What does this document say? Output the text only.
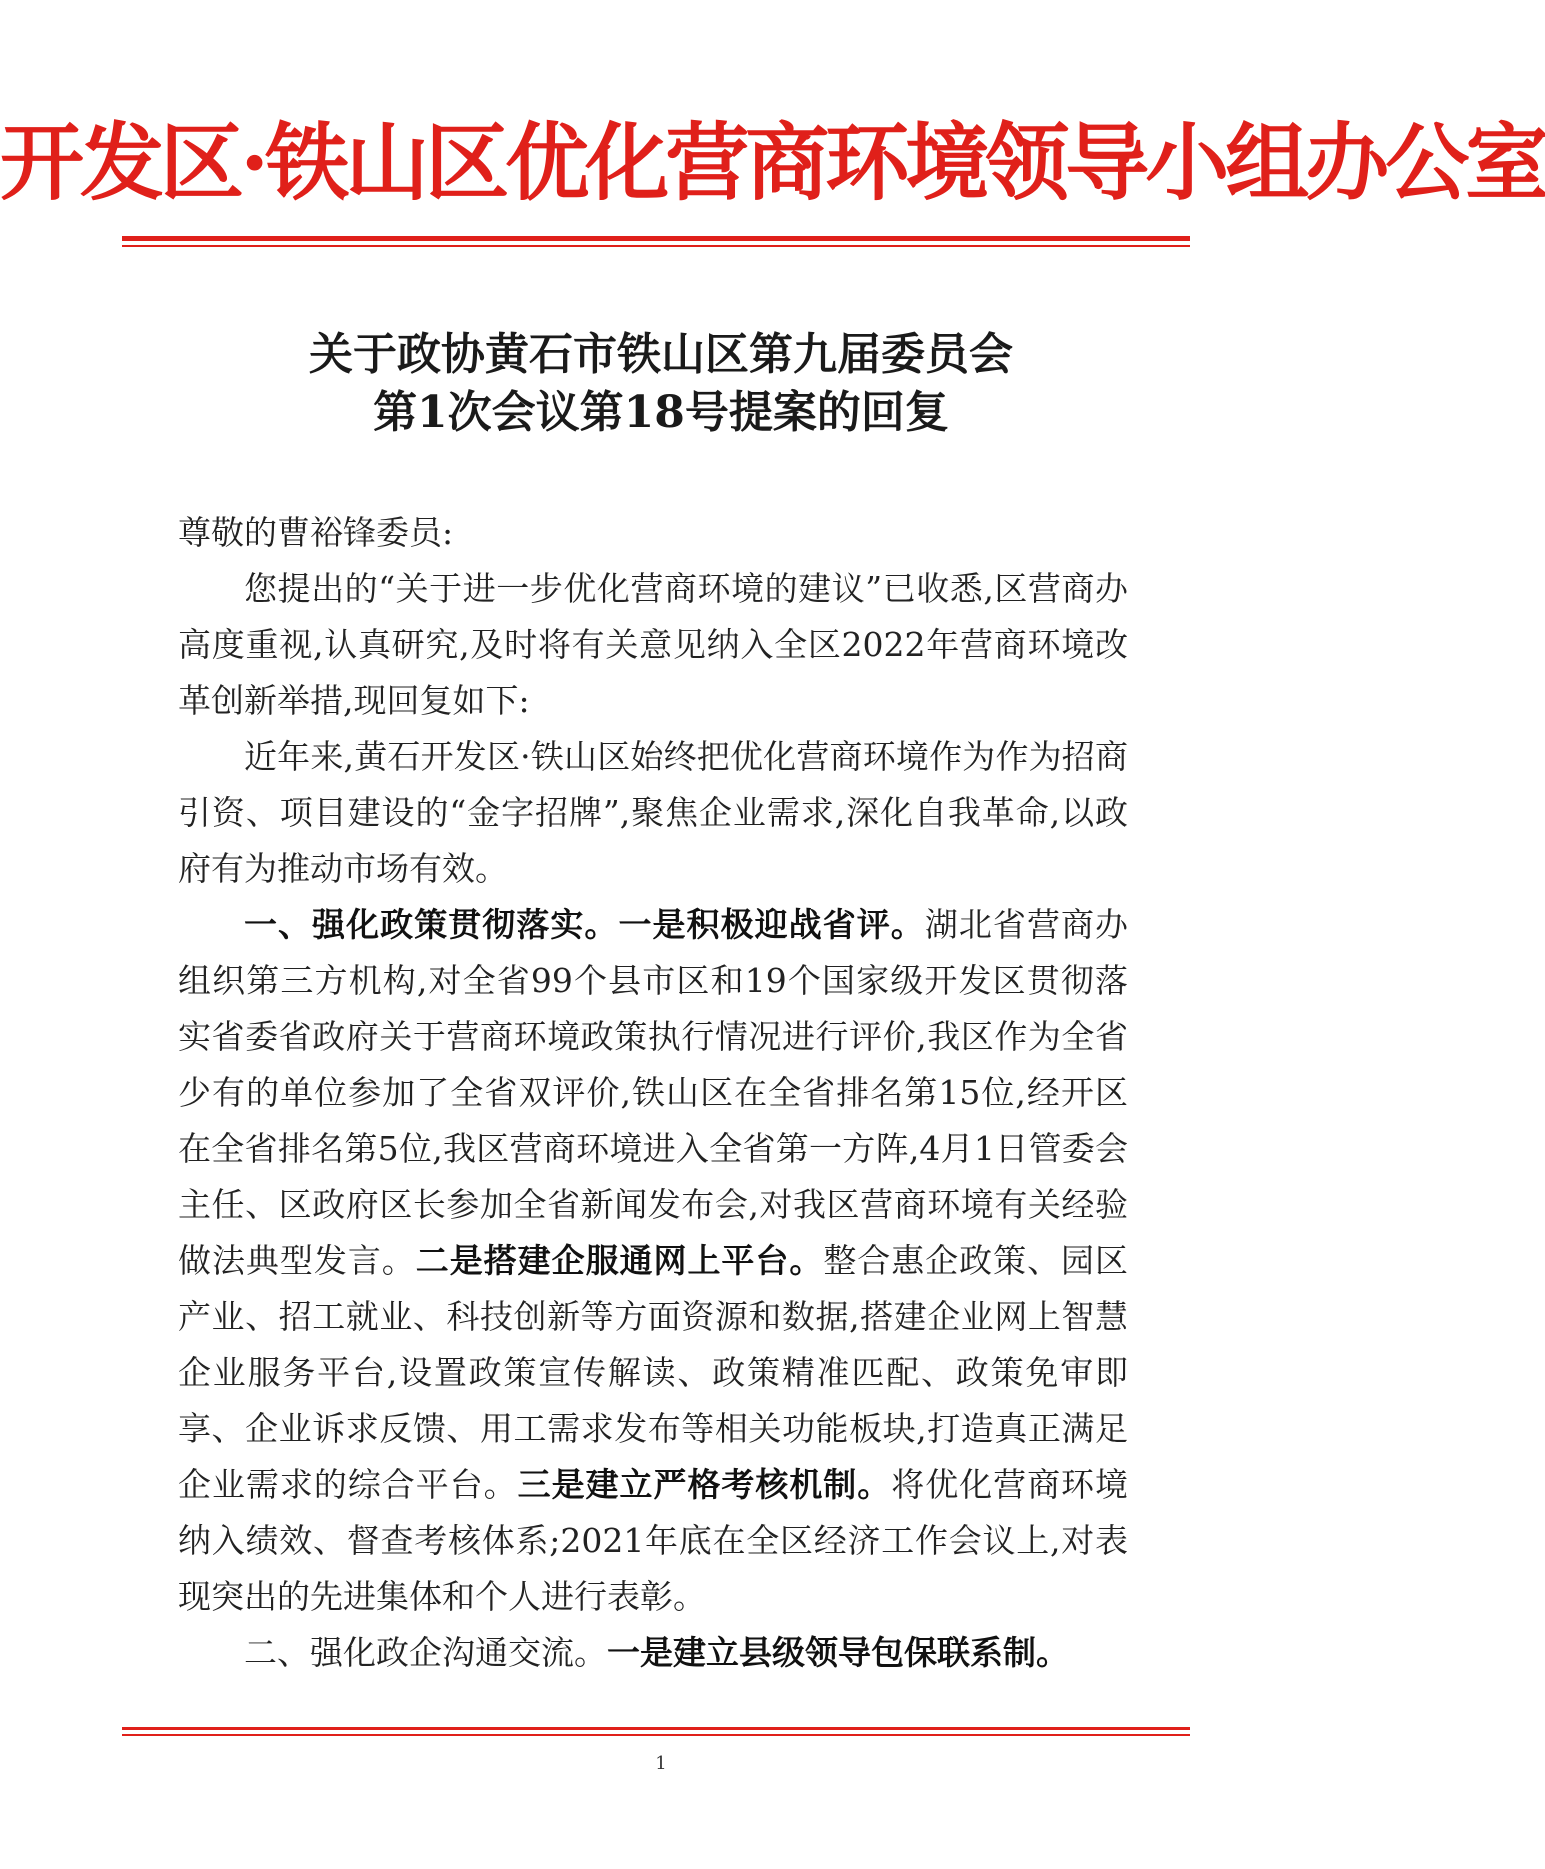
开发区·铁山区优化营商环境领导小组办公室
关于政协黄石市铁山区第九届委员会
第1次会议第18号提案的回复

尊敬的曹裕锋委员:

您提出的“关于进一步优化营商环境的建议”已收悉,区营商办高度重视,认真研究,及时将有关意见纳入全区2022年营商环境改革创新举措,现回复如下:

近年来,黄石开发区·铁山区始终把优化营商环境作为作为招商引资、项目建设的“金字招牌”,聚焦企业需求,深化自我革命,以政府有为推动市场有效。

一、强化政策贯彻落实。一是积极迎战省评。湖北省营商办组织第三方机构,对全省99个县市区和19个国家级开发区贯彻落实省委省政府关于营商环境政策执行情况进行评价,我区作为全省少有的单位参加了全省双评价,铁山区在全省排名第15位,经开区在全省排名第5位,我区营商环境进入全省第一方阵,4月1日管委会主任、区政府区长参加全省新闻发布会,对我区营商环境有关经验做法典型发言。二是搭建企服通网上平台。整合惠企政策、园区产业、招工就业、科技创新等方面资源和数据,搭建企业网上智慧企业服务平台,设置政策宣传解读、政策精准匹配、政策免审即享、企业诉求反馈、用工需求发布等相关功能板块,打造真正满足企业需求的综合平台。三是建立严格考核机制。将优化营商环境纳入绩效、督查考核体系;2021年底在全区经济工作会议上,对表现突出的先进集体和个人进行表彰。

二、强化政企沟通交流。一是建立县级领导包保联系制。

1
